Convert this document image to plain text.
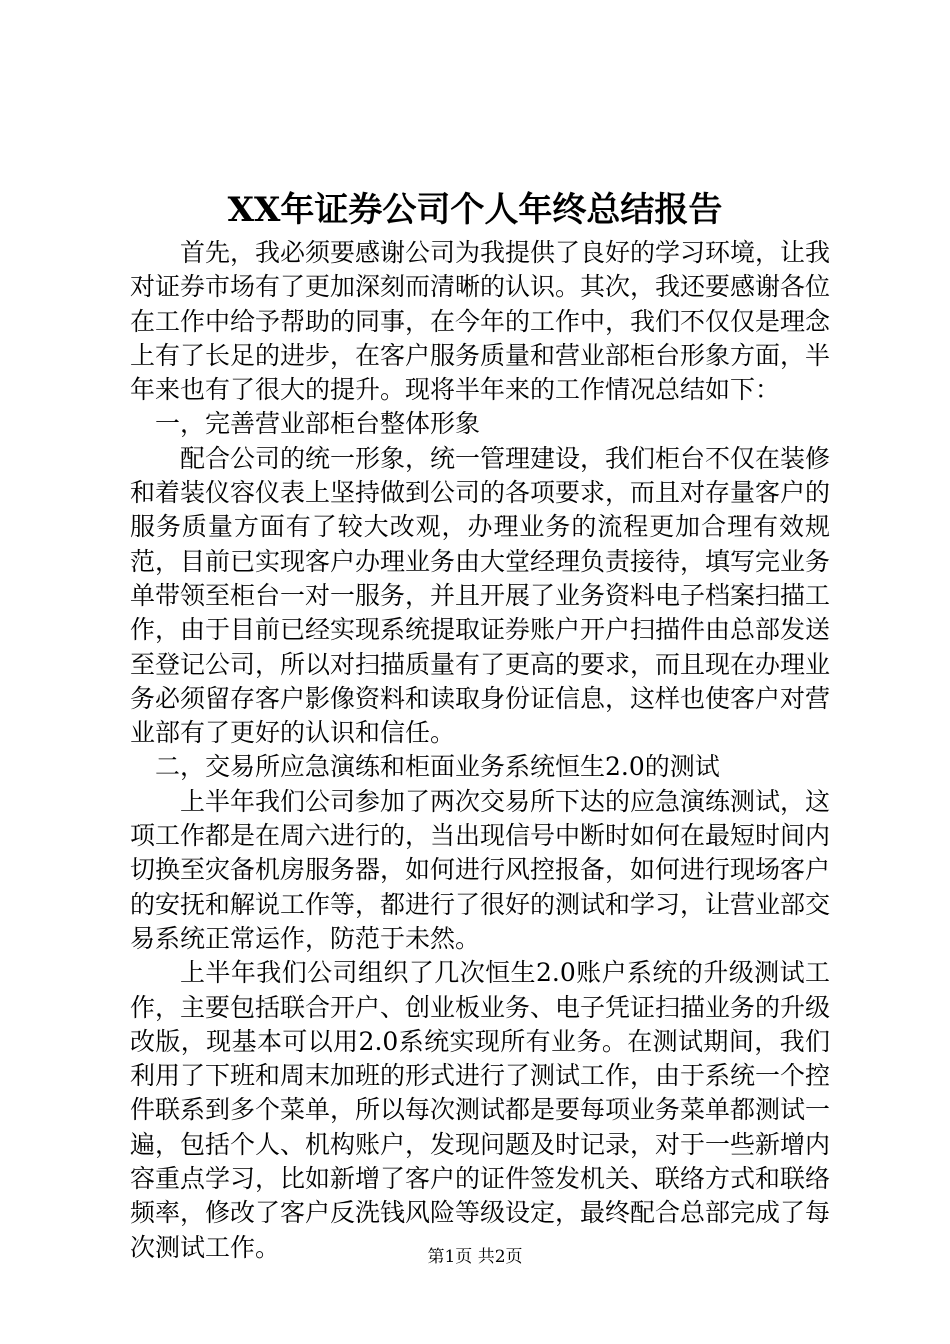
XX年证券公司个人年终总结报告

首先，我必须要感谢公司为我提供了良好的学习环境，让我对证券市场有了更加深刻而清晰的认识。其次，我还要感谢各位在工作中给予帮助的同事，在今年的工作中，我们不仅仅是理念上有了长足的进步，在客户服务质量和营业部柜台形象方面，半年来也有了很大的提升。现将半年来的工作情况总结如下：

一，完善营业部柜台整体形象

配合公司的统一形象，统一管理建设，我们柜台不仅在装修和着装仪容仪表上坚持做到公司的各项要求，而且对存量客户的服务质量方面有了较大改观，办理业务的流程更加合理有效规范，目前已实现客户办理业务由大堂经理负责接待，填写完业务单带领至柜台一对一服务，并且开展了业务资料电子档案扫描工作，由于目前已经实现系统提取证券账户开户扫描件由总部发送至登记公司，所以对扫描质量有了更高的要求，而且现在办理业务必须留存客户影像资料和读取身份证信息，这样也使客户对营业部有了更好的认识和信任。

二，交易所应急演练和柜面业务系统恒生2.0的测试

上半年我们公司参加了两次交易所下达的应急演练测试，这项工作都是在周六进行的，当出现信号中断时如何在最短时间内切换至灾备机房服务器，如何进行风控报备，如何进行现场客户的安抚和解说工作等，都进行了很好的测试和学习，让营业部交易系统正常运作，防范于未然。

上半年我们公司组织了几次恒生2.0账户系统的升级测试工作，主要包括联合开户、创业板业务、电子凭证扫描业务的升级改版，现基本可以用2.0系统实现所有业务。在测试期间，我们利用了下班和周末加班的形式进行了测试工作，由于系统一个控件联系到多个菜单，所以每次测试都是要每项业务菜单都测试一遍，包括个人、机构账户，发现问题及时记录，对于一些新增内容重点学习，比如新增了客户的证件签发机关、联络方式和联络频率，修改了客户反洗钱风险等级设定，最终配合总部完成了每次测试工作。	第1页 共2页
